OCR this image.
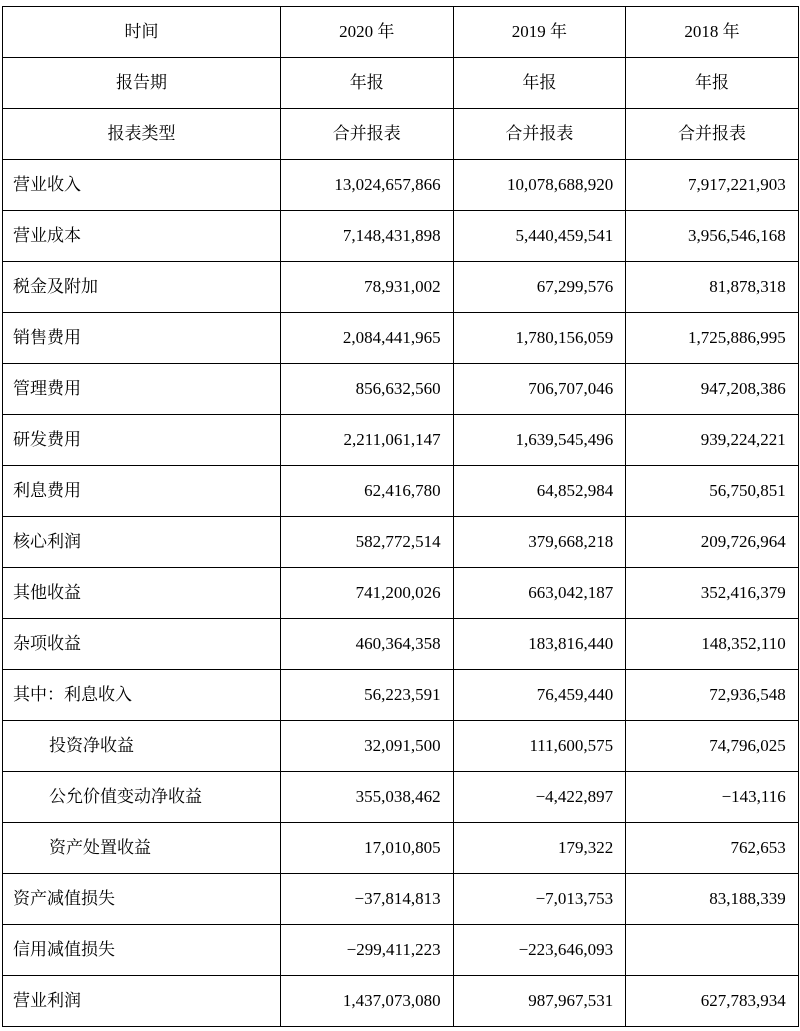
时间	2020 年	2019 年	2018 年
报告期	年报	年报	年报
报表类型	合并报表	合并报表	合并报表
营业收入	13,024,657,866	10,078,688,920	7,917,221,903
营业成本	7,148,431,898	5,440,459,541	3,956,546,168
税金及附加	78,931,002	67,299,576	81,878,318
销售费用	2,084,441,965	1,780,156,059	1,725,886,995
管理费用	856,632,560	706,707,046	947,208,386
研发费用	2,211,061,147	1,639,545,496	939,224,221
利息费用	62,416,780	64,852,984	56,750,851
核心利润	582,772,514	379,668,218	209,726,964
其他收益	741,200,026	663,042,187	352,416,379
杂项收益	460,364,358	183,816,440	148,352,110
其中：利息收入	56,223,591	76,459,440	72,936,548
投资净收益	32,091,500	111,600,575	74,796,025
公允价值变动净收益	355,038,462	−4,422,897	−143,116
资产处置收益	17,010,805	179,322	762,653
资产减值损失	−37,814,813	−7,013,753	83,188,339
信用减值损失	−299,411,223	−223,646,093	
营业利润	1,437,073,080	987,967,531	627,783,934
